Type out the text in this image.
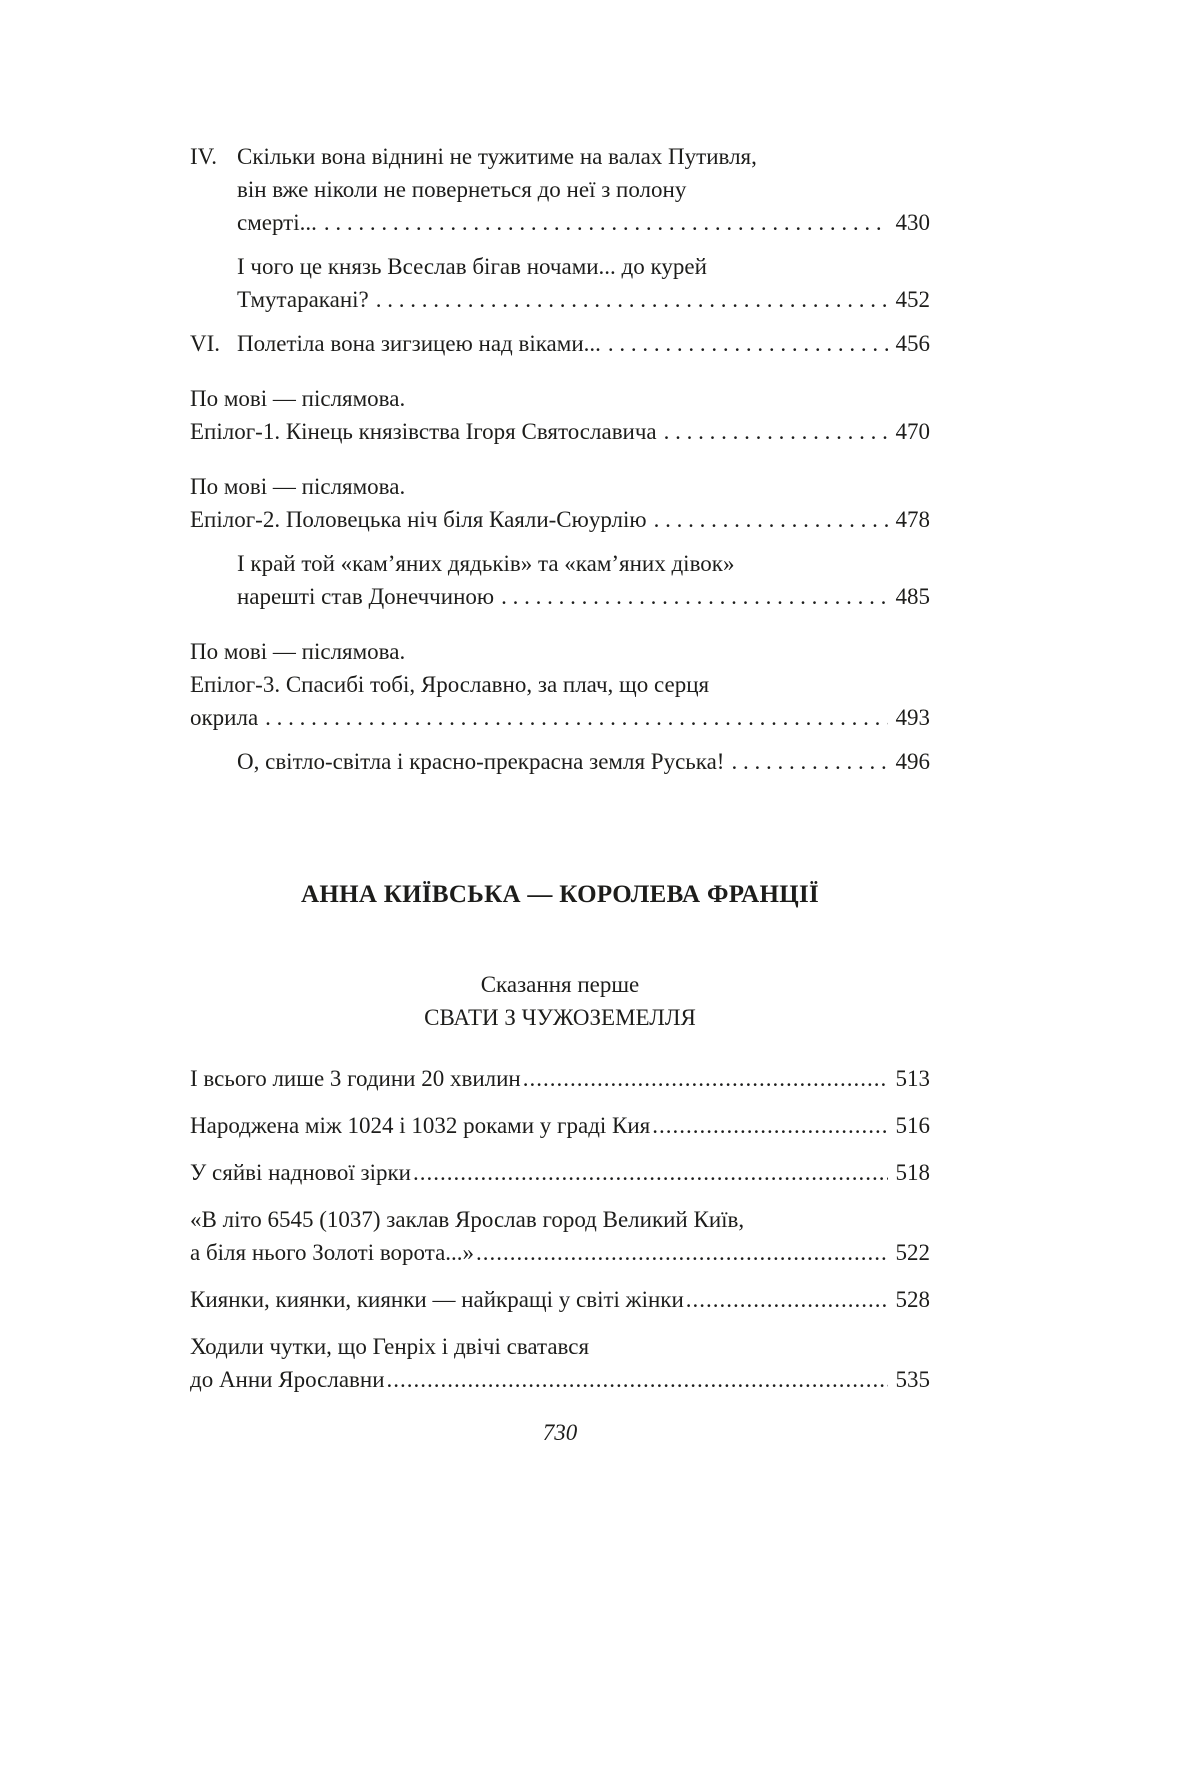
IV. Скільки вона віднині не тужитиме на валах Путивля,
він вже ніколи не повернеться до неї з полону
смерті... . . .	430
І чого це князь Всеслав бігав ночами... до курей
Тмутаракані? . . .	452
VI. Полетіла вона зигзицею над віками... . . .	456
По мові — післямова.
Епілог-1. Кінець князівства Ігоря Святославича . . .	470
По мові — післямова.
Епілог-2. Половецька ніч біля Каяли-Сюурлію . . .	478
І край той «кам’яних дядьків» та «кам’яних дівок»
нарешті став Донеччиною . . .	485
По мові — післямова.
Епілог-3. Спасибі тобі, Ярославно, за плач, що серця
окрила . . .	493
О, світло-світла і красно-прекрасна земля Руська! . . .	496
АННА КИЇВСЬКА — КОРОЛЕВА ФРАНЦІЇ
Сказання перше
СВАТИ З ЧУЖОЗЕМЕЛЛЯ
І всього лише 3 години 20 хвилин .....	513
Народжена між 1024 і 1032 роками у граді Кия .....	516
У сяйві наднової зірки .....	518
«В літо 6545 (1037) заклав Ярослав город Великий Київ,
а біля нього Золоті ворота...» .....	522
Киянки, киянки, киянки — найкращі у світі жінки .....	528
Ходили чутки, що Генріх і двічі сватався
до Анни Ярославни .....	535
730
